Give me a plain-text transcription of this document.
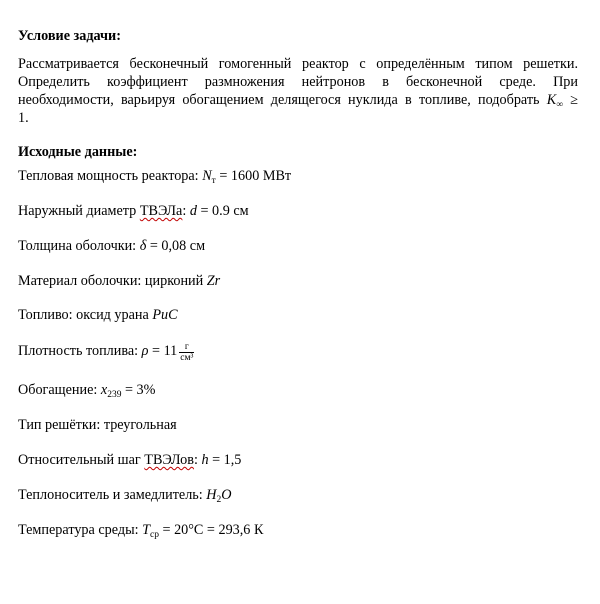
Условие задачи:
Рассматривается бесконечный гомогенный реактор с определённым типом решетки.
Определить коэффициент размножения нейтронов в бесконечной среде. При
необходимости, варьируя обогащением делящегося нуклида в топливе, подобрать $K_\infty$ ≥
1.
Исходные данные:
Тепловая мощность реактора: $N_т = 1600$ МВт
Наружный диаметр ТВЭЛа: d = 0.9 см
Толщина оболочки: δ = 0,08 см
Материал оболочки: цирконий Zr
Топливо: оксид урана PuC
Плотность топлива: $\rho = 11 \frac{г}{\text{см³}}$
Обогащение: $x_{239} = 3\%$
Тип решётки: треугольная
Относительный шаг ТВЭЛов: h = 1,5
Теплоноситель и замедлитель: $H_2O$
Температура среды: $T_{ср} = 20^\circ C = 293,6$ К
